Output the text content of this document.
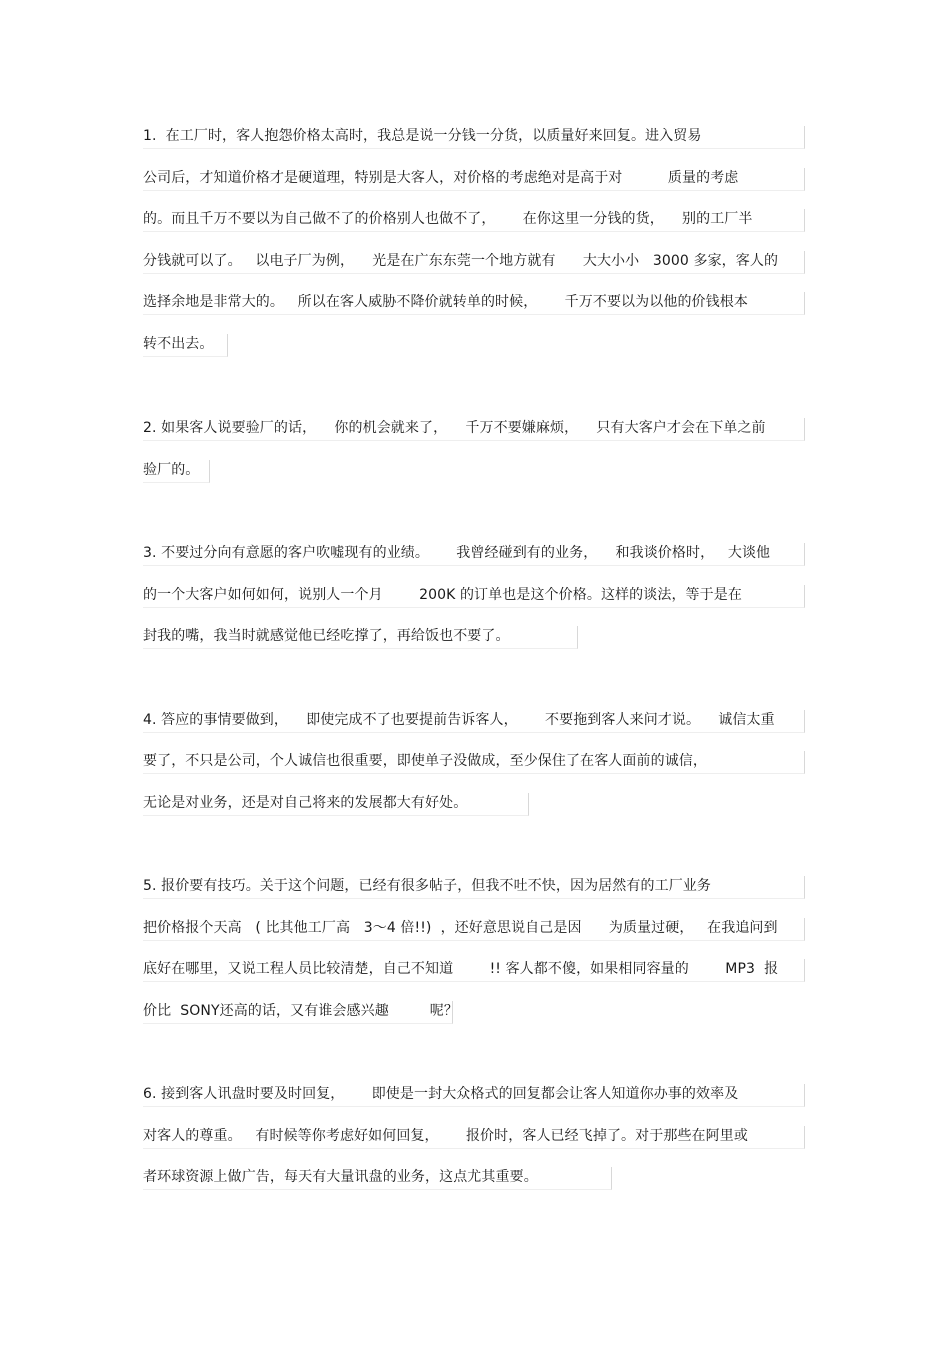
1.  在工厂时，客人抱怨价格太高时，我总是说一分钱一分货，以质量好来回复。进入贸易
公司后，才知道价格才是硬道理，特别是大客人，对价格的考虑绝对是高于对          质量的考虑
的。而且千万不要以为自己做不了的价格别人也做不了，      在你这里一分钱的货，    别的工厂半
分钱就可以了。   以电子厂为例，    光是在广东东莞一个地方就有      大大小小   3000 多家，客人的
选择余地是非常大的。   所以在客人威胁不降价就转单的时候，      千万不要以为以他的价钱根本
转不出去。
2. 如果客人说要验厂的话，    你的机会就来了，    千万不要嫌麻烦，    只有大客户才会在下单之前
验厂的。
3. 不要过分向有意愿的客户吹嘘现有的业绩。      我曾经碰到有的业务，    和我谈价格时，   大谈他
的一个大客户如何如何，说别人一个月        200K 的订单也是这个价格。这样的谈法，等于是在
封我的嘴，我当时就感觉他已经吃撑了，再给饭也不要了。
4. 答应的事情要做到，    即使完成不了也要提前告诉客人，      不要拖到客人来问才说。    诚信太重
要了，不只是公司，个人诚信也很重要，即使单子没做成，至少保住了在客人面前的诚信，
无论是对业务，还是对自己将来的发展都大有好处。
5. 报价要有技巧。关于这个问题，已经有很多帖子，但我不吐不快，因为居然有的工厂业务
把价格报个天高   ( 比其他工厂高   3～4 倍!!)  ，还好意思说自己是因      为质量过硬，   在我追问到
底好在哪里，又说工程人员比较清楚，自己不知道        !! 客人都不傻，如果相同容量的        MP3  报
价比  SONY还高的话，又有谁会感兴趣         呢？
6. 接到客人讯盘时要及时回复，      即使是一封大众格式的回复都会让客人知道你办事的效率及
对客人的尊重。   有时候等你考虑好如何回复，      报价时，客人已经飞掉了。对于那些在阿里或
者环球资源上做广告，每天有大量讯盘的业务，这点尤其重要。
